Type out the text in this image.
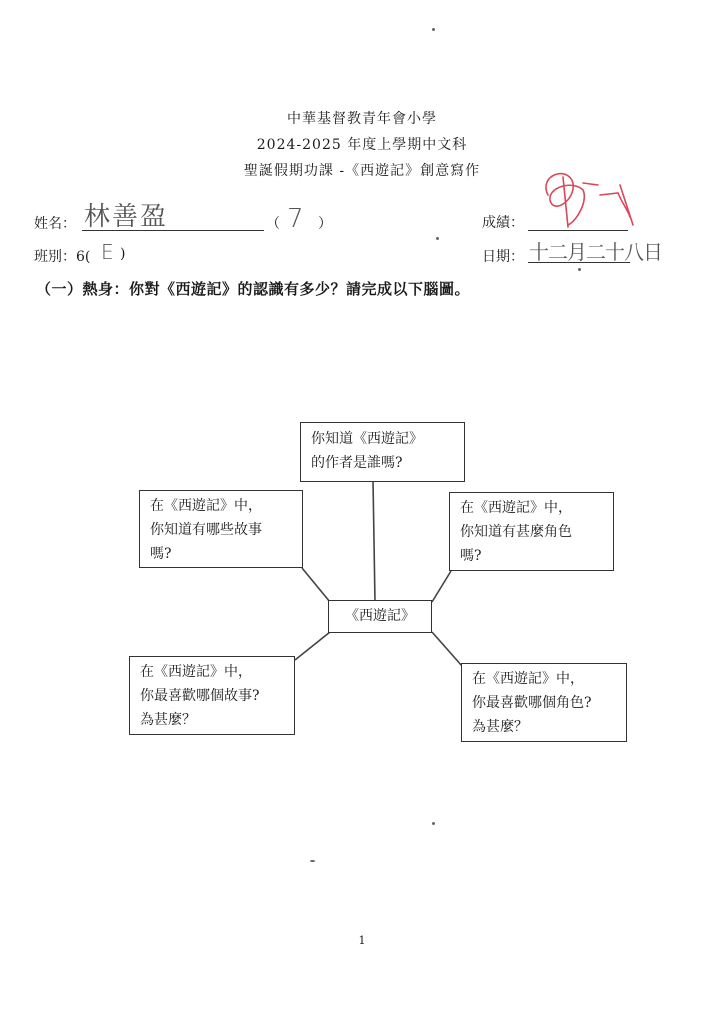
中華基督教青年會小學
2024-2025 年度上學期中文科
聖誕假期功課 -《西遊記》創意寫作
姓名： 林善盈	（ 7 ）	成績：
班別：6( E )	日期： 十二月二十八日
（一）熱身：你對《西遊記》的認識有多少？請完成以下腦圖。
你知道《西遊記》
的作者是誰嗎?
在《西遊記》中，
你知道有哪些故事
嗎?
在《西遊記》中，
你知道有甚麼角色
嗎?
《西遊記》
在《西遊記》中，
你最喜歡哪個故事?
為甚麼？
在《西遊記》中，
你最喜歡哪個角色?
為甚麼？
1
